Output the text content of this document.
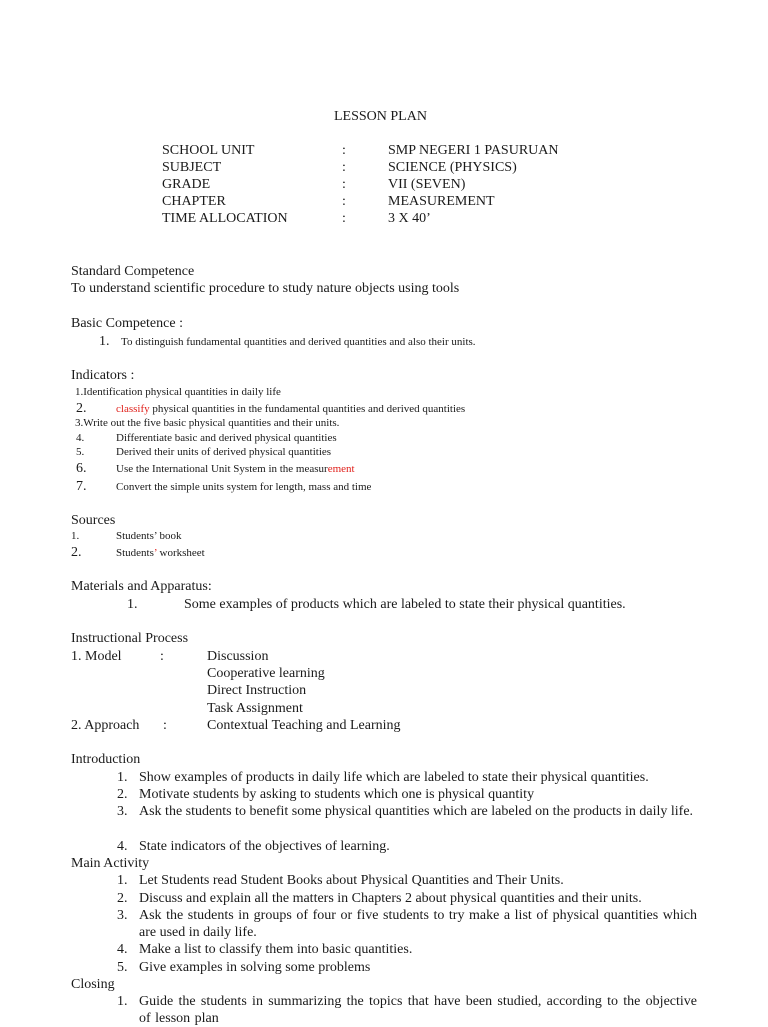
LESSON PLAN
SCHOOL UNIT	:	SMP NEGERI 1 PASURUAN
SUBJECT	:	SCIENCE (PHYSICS)
GRADE	:	VII (SEVEN)
CHAPTER	:	MEASUREMENT
TIME ALLOCATION	:	3 X 40’
Standard Competence
To understand scientific procedure to study nature objects using tools
Basic Competence :
1. To distinguish fundamental quantities and derived quantities and also their units.
Indicators :
1.Identification physical quantities in daily life
2.	classify physical quantities in the fundamental quantities and derived quantities
3.Write out the five basic physical quantities and their units.
4.	Differentiate basic and derived physical quantities
5.	Derived their units of derived physical quantities
6.	Use the International Unit System in the measurement
7.	Convert the simple units system for length, mass and time
Sources
1.	Students’ book
2.	Students’ worksheet
Materials and Apparatus:
1.	Some examples of products which are labeled to state their physical quantities.
Instructional Process
1. Model	:	Discussion
Cooperative learning
Direct Instruction
Task Assignment
2. Approach :	Contextual Teaching and Learning
Introduction
1. Show examples of products in daily life which are labeled to state their physical quantities.
2. Motivate students by asking to students which one is physical quantity
3. Ask the students to benefit some physical quantities which are labeled on the products in daily life.
4. State indicators of the objectives of learning.
Main Activity
1. Let Students read Student Books about Physical Quantities and Their Units.
2. Discuss and explain all the matters in Chapters 2 about physical quantities and their units.
3. Ask the students in groups of four or five students to try make a list of physical quantities which are used in daily life.
4. Make a list to classify them into basic quantities.
5. Give examples in solving some problems
Closing
1. Guide the students in summarizing the topics that have been studied, according to the objective of lesson plan
